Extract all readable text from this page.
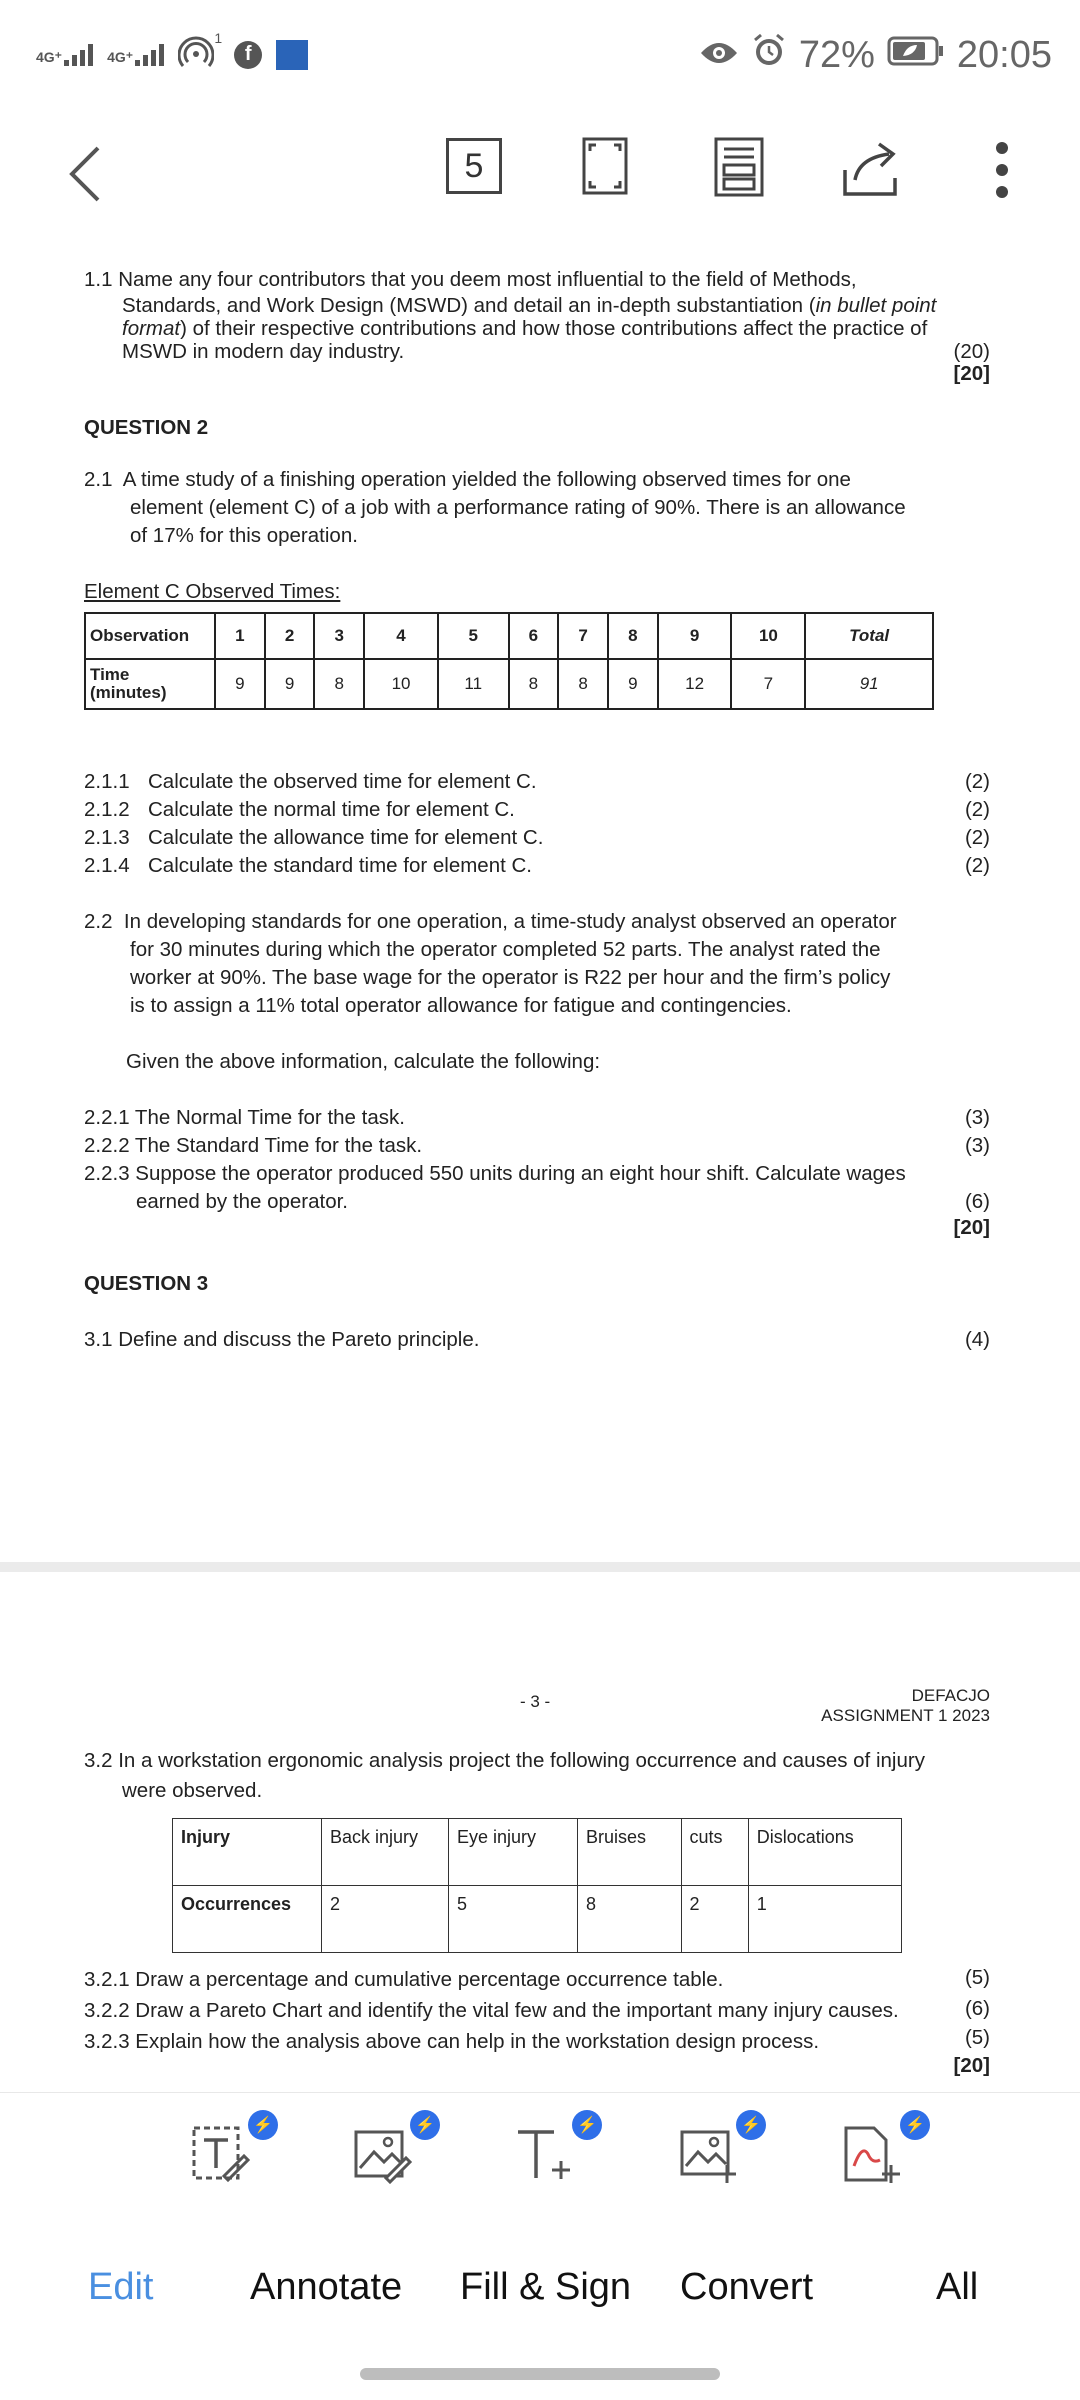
4G⁺	4G⁺
1
f	72% 20:05
5
1.1 Name any four contributors that you deem most influential to the field of Methods,
Standards, and Work Design (MSWD) and detail an in-depth substantiation (in bullet point
format) of their respective contributions and how those contributions affect the practice of
MSWD in modern day industry.	(20)
[20]
QUESTION 2
2.1 A time study of a finishing operation yielded the following observed times for one
element (element C) of a job with a performance rating of 90%. There is an allowance
of 17% for this operation.
Element C Observed Times:
Observation	1	2	3	4	5	6	7	8	9	10	Total
Time (minutes)	9	9	8	10	11	8	8	9	12	7	91
2.1.1 Calculate the observed time for element C.
2.1.2 Calculate the normal time for element C.
2.1.3 Calculate the allowance time for element C.
2.1.4 Calculate the standard time for element C.
(2)
(2)
(2)
(2)
2.2 In developing standards for one operation, a time-study analyst observed an operator
for 30 minutes during which the operator completed 52 parts. The analyst rated the
worker at 90%. The base wage for the operator is R22 per hour and the firm’s policy
is to assign a 11% total operator allowance for fatigue and contingencies.
Given the above information, calculate the following:
2.2.1 The Normal Time for the task.
2.2.2 The Standard Time for the task.
2.2.3 Suppose the operator produced 550 units during an eight hour shift. Calculate wages
earned by the operator.
(3)
(3)
(6)
[20]
QUESTION 3
3.1 Define and discuss the Pareto principle.	(4)
- 3 -	DEFACJO
ASSIGNMENT 1 2023
3.2 In a workstation ergonomic analysis project the following occurrence and causes of injury
were observed.
Injury	Back injury	Eye injury	Bruises	cuts	Dislocations
Occurrences	2	5	8	2	1
3.2.1 Draw a percentage and cumulative percentage occurrence table.
3.2.2 Draw a Pareto Chart and identify the vital few and the important many injury causes.
3.2.3 Explain how the analysis above can help in the workstation design process.
(5)
(6)
(5)
[20]
⚡	⚡	⚡	⚡	⚡
Edit	Annotate Fill & Sign Convert	All
